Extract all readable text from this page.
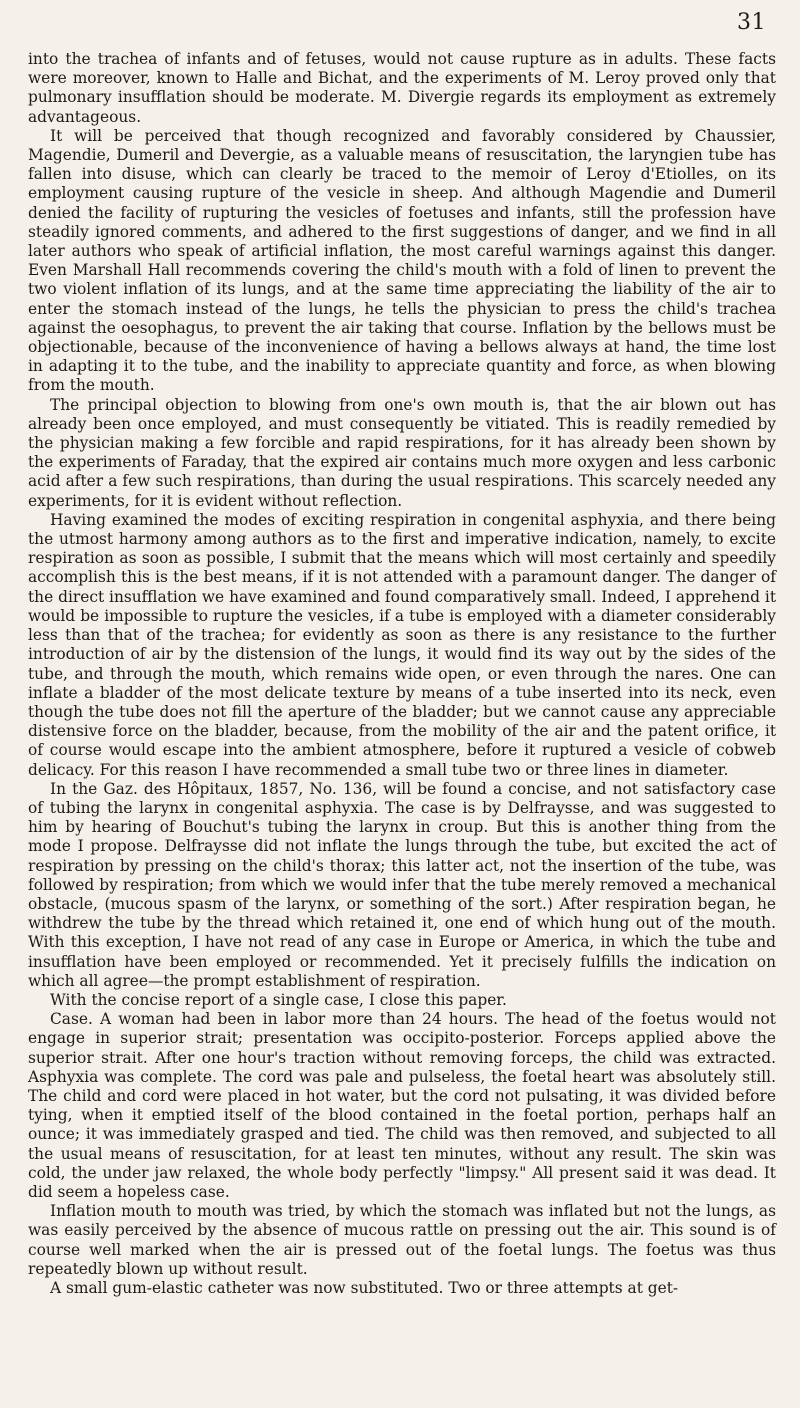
31

into the trachea of infants and of fetuses, would not cause rupture as in adults. These facts were moreover, known to Halle and Bichat, and the experiments of M. Leroy proved only that pulmonary insufflation should be moderate. M. Divergie regards its employment as extremely advantageous.

It will be perceived that though recognized and favorably considered by Chaussier, Magendie, Dumeril and Devergie, as a valuable means of resuscitation, the laryngien tube has fallen into disuse, which can clearly be traced to the memoir of Leroy d'Etiolles, on its employment causing rupture of the vesicle in sheep. And although Magendie and Dumeril denied the facility of rupturing the vesicles of foetuses and infants, still the profession have steadily ignored comments, and adhered to the first suggestions of danger, and we find in all later authors who speak of artificial inflation, the most careful warnings against this danger. Even Marshall Hall recommends covering the child's mouth with a fold of linen to prevent the two violent inflation of its lungs, and at the same time appreciating the liability of the air to enter the stomach instead of the lungs, he tells the physician to press the child's trachea against the oesophagus, to prevent the air taking that course. Inflation by the bellows must be objectionable, because of the inconvenience of having a bellows always at hand, the time lost in adapting it to the tube, and the inability to appreciate quantity and force, as when blowing from the mouth.

The principal objection to blowing from one's own mouth is, that the air blown out has already been once employed, and must consequently be vitiated. This is readily remedied by the physician making a few forcible and rapid respirations, for it has already been shown by the experiments of Faraday, that the expired air contains much more oxygen and less carbonic acid after a few such respirations, than during the usual respirations. This scarcely needed any experiments, for it is evident without reflection.

Having examined the modes of exciting respiration in congenital asphyxia, and there being the utmost harmony among authors as to the first and imperative indication, namely, to excite respiration as soon as possible, I submit that the means which will most certainly and speedily accomplish this is the best means, if it is not attended with a paramount danger. The danger of the direct insufflation we have examined and found comparatively small. Indeed, I apprehend it would be impossible to rupture the vesicles, if a tube is employed with a diameter considerably less than that of the trachea; for evidently as soon as there is any resistance to the further introduction of air by the distension of the lungs, it would find its way out by the sides of the tube, and through the mouth, which remains wide open, or even through the nares. One can inflate a bladder of the most delicate texture by means of a tube inserted into its neck, even though the tube does not fill the aperture of the bladder; but we cannot cause any appreciable distensive force on the bladder, because, from the mobility of the air and the patent orifice, it of course would escape into the ambient atmosphere, before it ruptured a vesicle of cobweb delicacy. For this reason I have recommended a small tube two or three lines in diameter.

In the Gaz. des Hôpitaux, 1857, No. 136, will be found a concise, and not satisfactory case of tubing the larynx in congenital asphyxia. The case is by Delfraysse, and was suggested to him by hearing of Bouchut's tubing the larynx in croup. But this is another thing from the mode I propose. Delfraysse did not inflate the lungs through the tube, but excited the act of respiration by pressing on the child's thorax; this latter act, not the insertion of the tube, was followed by respiration; from which we would infer that the tube merely removed a mechanical obstacle, (mucous spasm of the larynx, or something of the sort.) After respiration began, he withdrew the tube by the thread which retained it, one end of which hung out of the mouth. With this exception, I have not read of any case in Europe or America, in which the tube and insufflation have been employed or recommended. Yet it precisely fulfills the indication on which all agree—the prompt establishment of respiration.

With the concise report of a single case, I close this paper.

Case. A woman had been in labor more than 24 hours. The head of the foetus would not engage in superior strait; presentation was occipito-posterior. Forceps applied above the superior strait. After one hour's traction without removing forceps, the child was extracted. Asphyxia was complete. The cord was pale and pulseless, the foetal heart was absolutely still. The child and cord were placed in hot water, but the cord not pulsating, it was divided before tying, when it emptied itself of the blood contained in the foetal portion, perhaps half an ounce; it was immediately grasped and tied. The child was then removed, and subjected to all the usual means of resuscitation, for at least ten minutes, without any result. The skin was cold, the under jaw relaxed, the whole body perfectly "limpsy." All present said it was dead. It did seem a hopeless case.

Inflation mouth to mouth was tried, by which the stomach was inflated but not the lungs, as was easily perceived by the absence of mucous rattle on pressing out the air. This sound is of course well marked when the air is pressed out of the foetal lungs. The foetus was thus repeatedly blown up without result.

A small gum-elastic catheter was now substituted. Two or three attempts at get-
